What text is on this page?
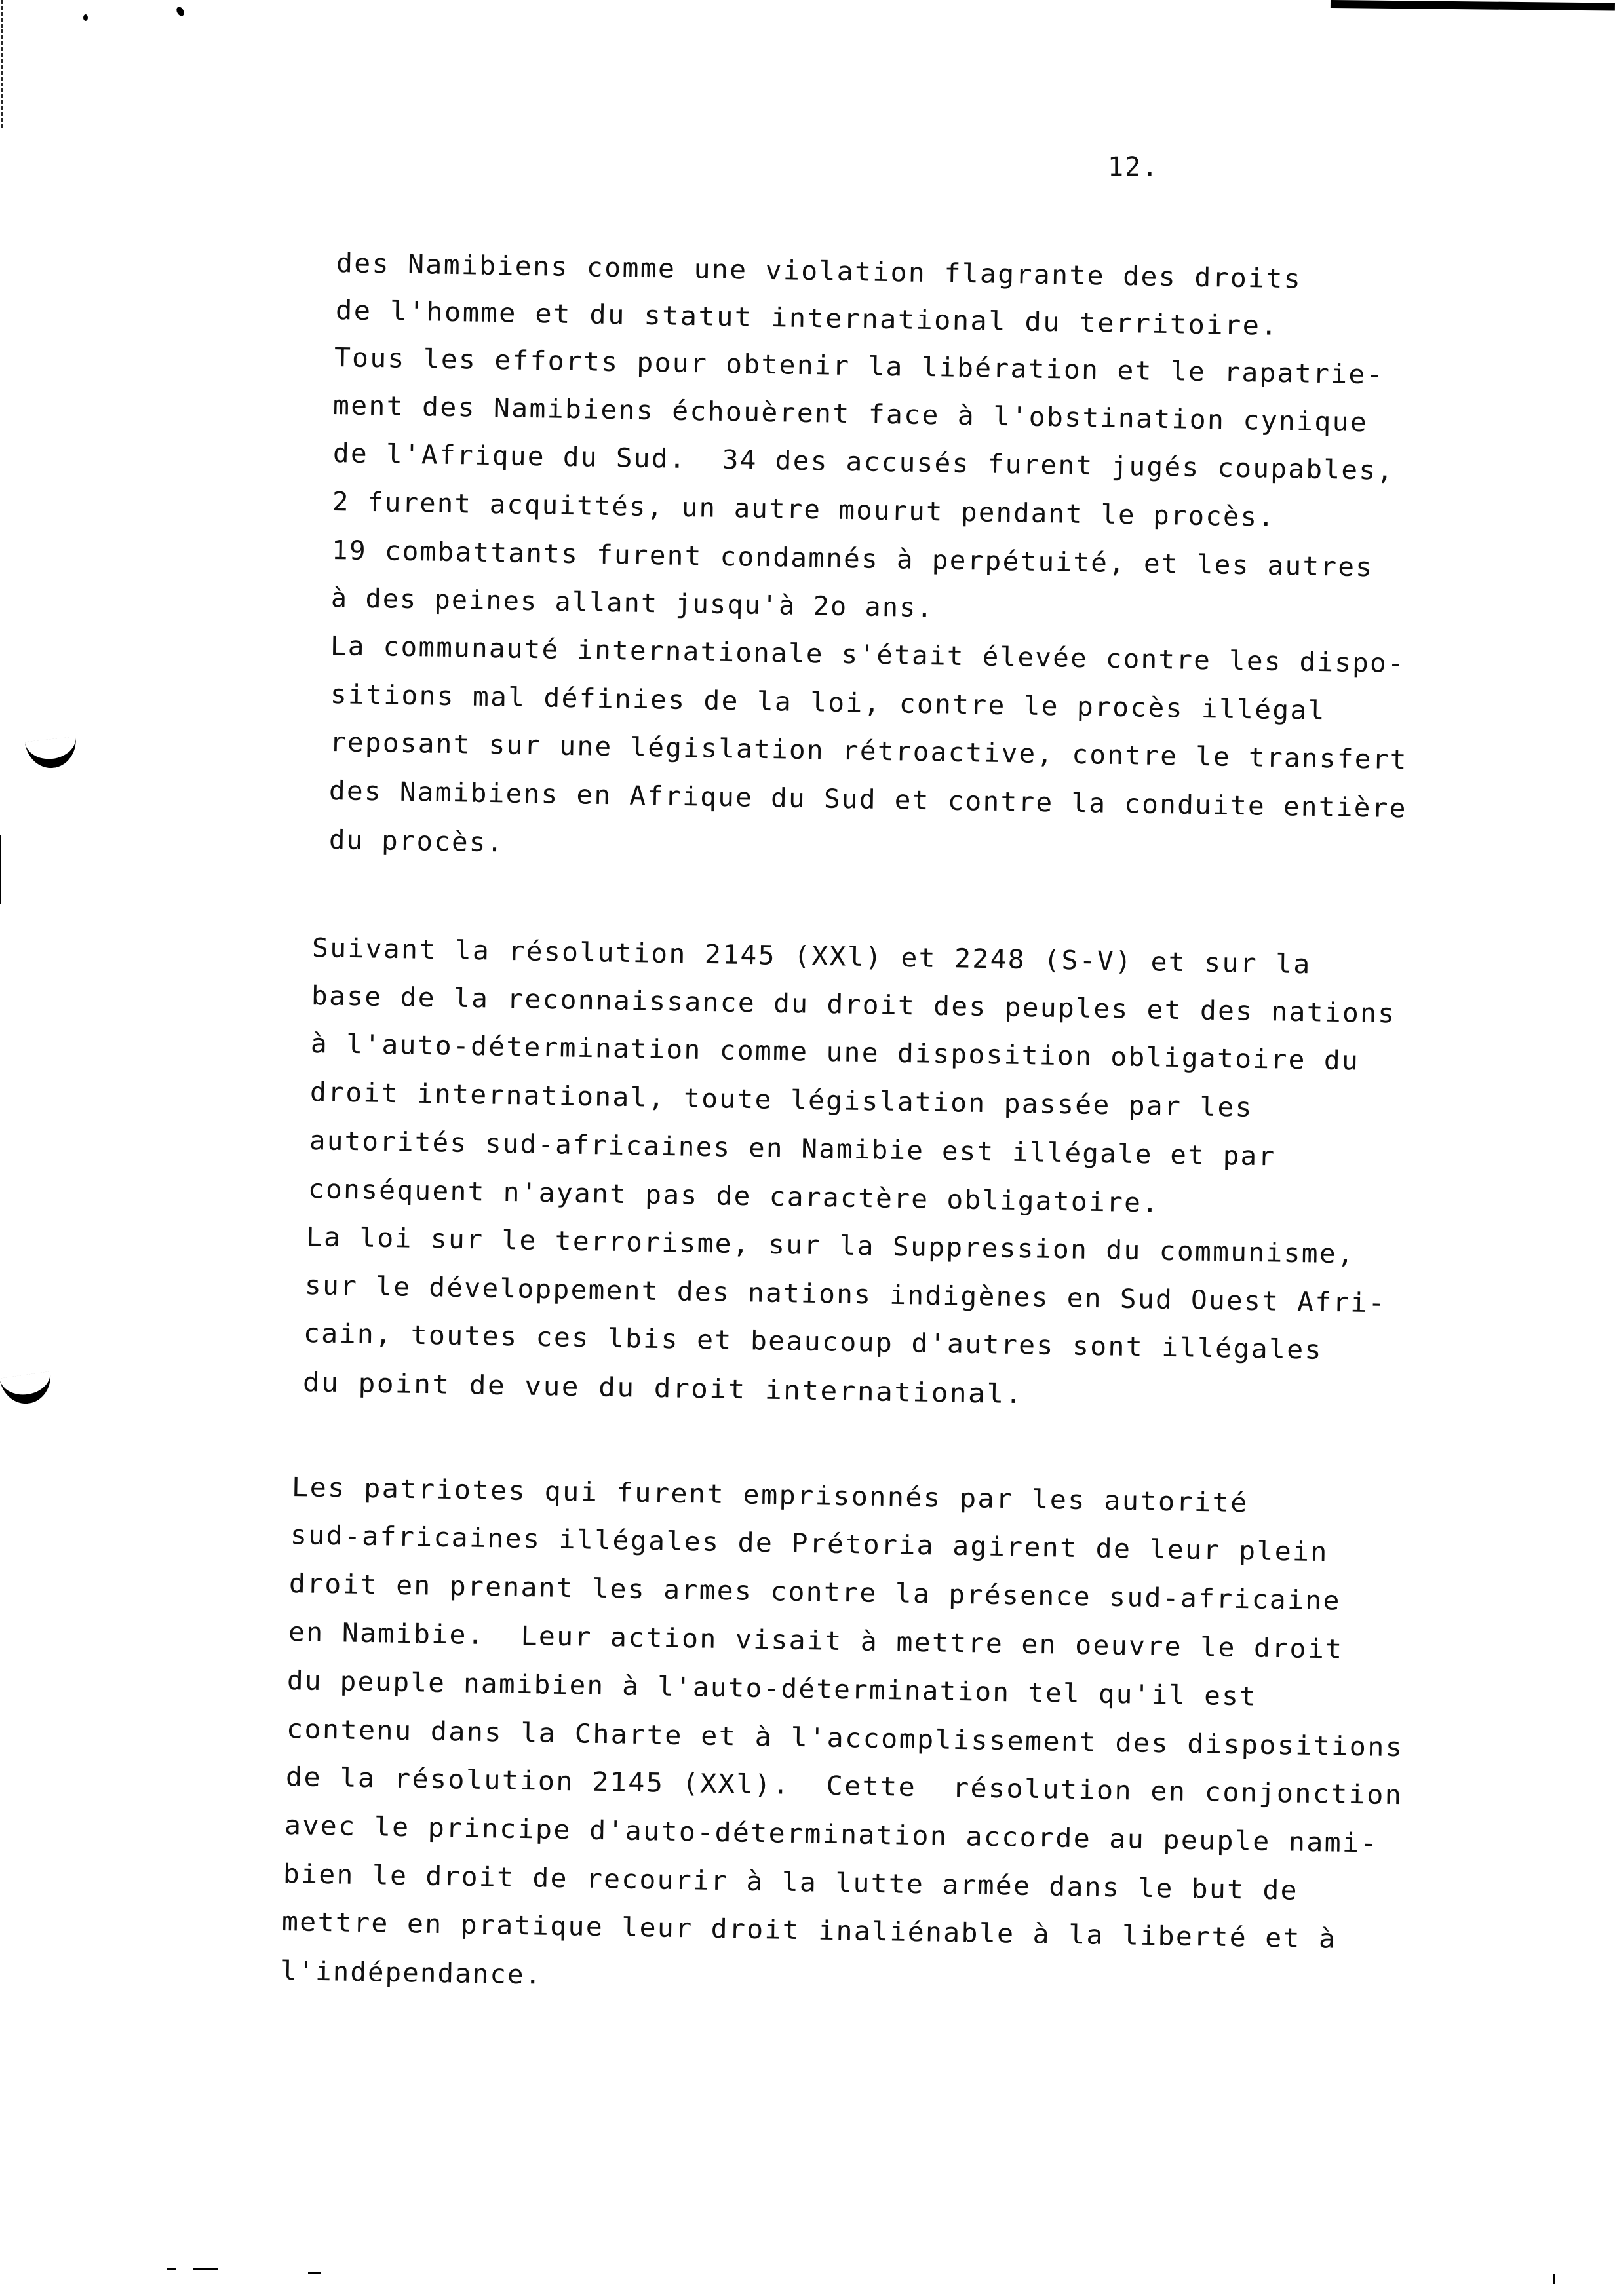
12.
des Namibiens comme une violation flagrante des droits
de l'homme et du statut international du territoire.
Tous les efforts pour obtenir la libération et le rapatrie-
ment des Namibiens échouèrent face à l'obstination cynique
de l'Afrique du Sud.  34 des accusés furent jugés coupables,
2 furent acquittés, un autre mourut pendant le procès.
19 combattants furent condamnés à perpétuité, et les autres
à des peines allant jusqu'à 2o ans.
La communauté internationale s'était élevée contre les dispo-
sitions mal définies de la loi, contre le procès illégal
reposant sur une législation rétroactive, contre le transfert
des Namibiens en Afrique du Sud et contre la conduite entière
du procès.
Suivant la résolution 2145 (XXl) et 2248 (S-V) et sur la
base de la reconnaissance du droit des peuples et des nations
à l'auto-détermination comme une disposition obligatoire du
droit international, toute législation passée par les
autorités sud-africaines en Namibie est illégale et par
conséquent n'ayant pas de caractère obligatoire.
La loi sur le terrorisme, sur la Suppression du communisme,
sur le développement des nations indigènes en Sud Ouest Afri-
cain, toutes ces lbis et beaucoup d'autres sont illégales
du point de vue du droit international.
Les patriotes qui furent emprisonnés par les autorité
sud-africaines illégales de Prétoria agirent de leur plein
droit en prenant les armes contre la présence sud-africaine
en Namibie.  Leur action visait à mettre en oeuvre le droit
du peuple namibien à l'auto-détermination tel qu'il est
contenu dans la Charte et à l'accomplissement des dispositions
de la résolution 2145 (XXl).  Cette  résolution en conjonction
avec le principe d'auto-détermination accorde au peuple nami-
bien le droit de recourir à la lutte armée dans le but de
mettre en pratique leur droit inaliénable à la liberté et à
l'indépendance.
